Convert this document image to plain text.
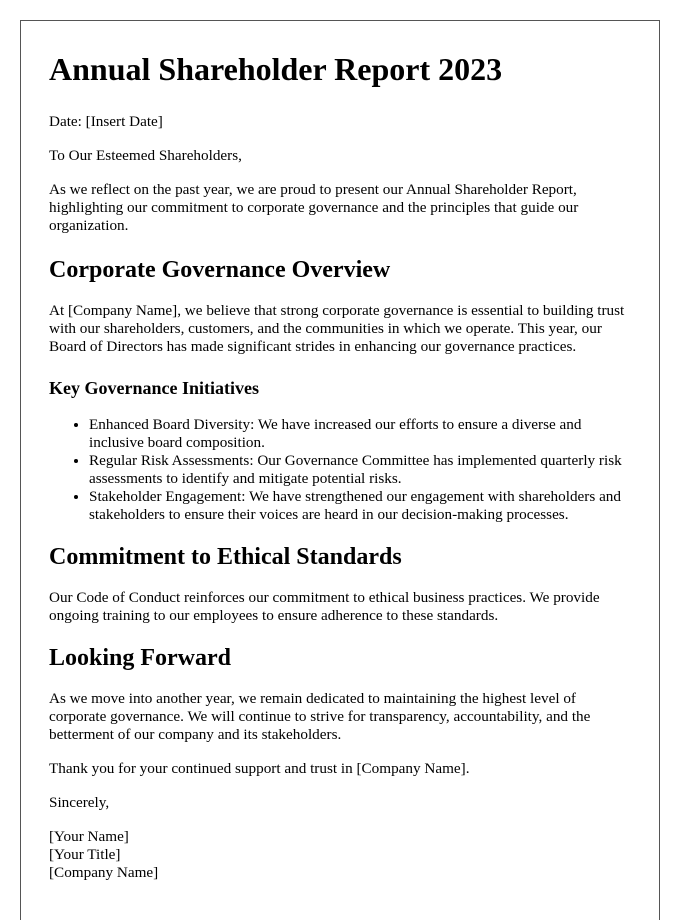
Annual Shareholder Report 2023

Date: [Insert Date]

To Our Esteemed Shareholders,

As we reflect on the past year, we are proud to present our Annual Shareholder Report, highlighting our commitment to corporate governance and the principles that guide our organization.

Corporate Governance Overview

At [Company Name], we believe that strong corporate governance is essential to building trust with our shareholders, customers, and the communities in which we operate. This year, our Board of Directors has made significant strides in enhancing our governance practices.

Key Governance Initiatives
• Enhanced Board Diversity: We have increased our efforts to ensure a diverse and inclusive board composition.
• Regular Risk Assessments: Our Governance Committee has implemented quarterly risk assessments to identify and mitigate potential risks.
• Stakeholder Engagement: We have strengthened our engagement with shareholders and stakeholders to ensure their voices are heard in our decision-making processes.
Commitment to Ethical Standards

Our Code of Conduct reinforces our commitment to ethical business practices. We provide ongoing training to our employees to ensure adherence to these standards.

Looking Forward

As we move into another year, we remain dedicated to maintaining the highest level of corporate governance. We will continue to strive for transparency, accountability, and the betterment of our company and its stakeholders.

Thank you for your continued support and trust in [Company Name].

Sincerely,

[Your Name]
[Your Title]
[Company Name]
